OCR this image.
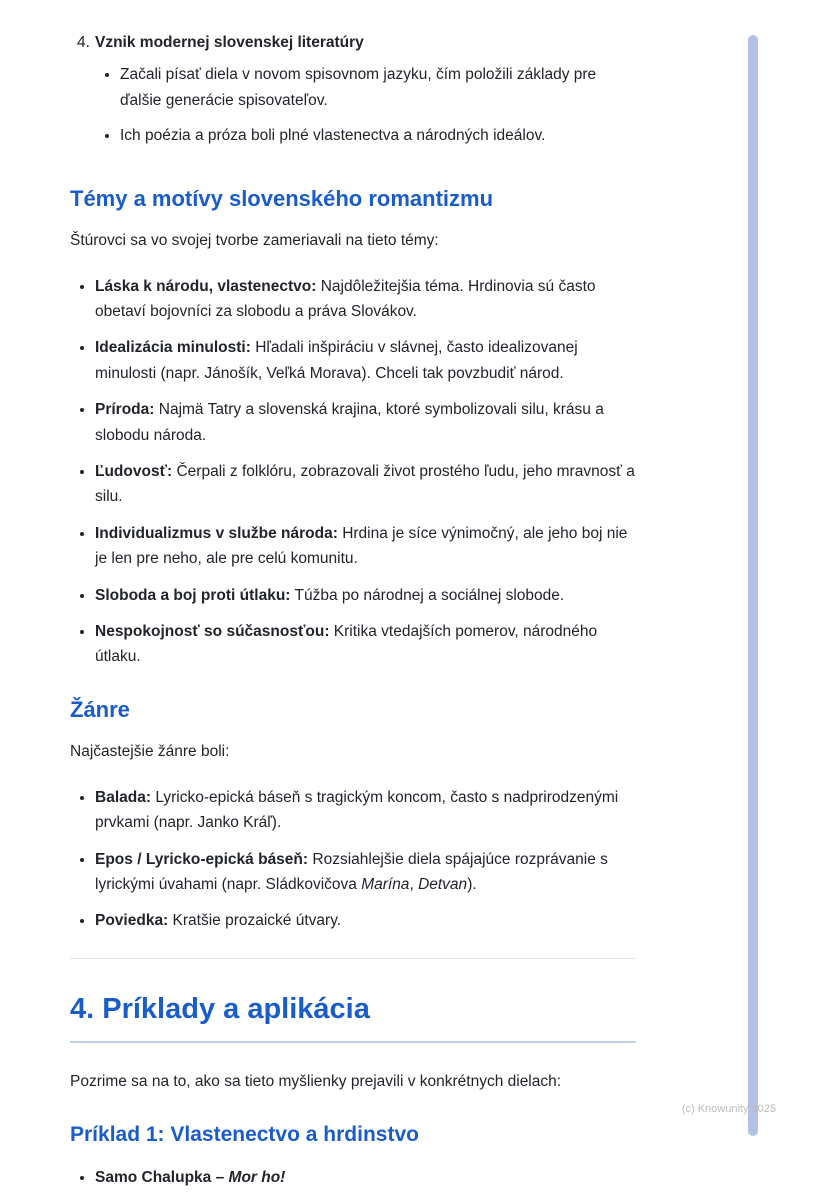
4. Vznik modernej slovenskej literatúry

• Začali písať diela v novom spisovnom jazyku, čím položili základy pre ďalšie generácie spisovateľov.
• Ich poézia a próza boli plné vlastenectva a národných ideálov.
Témy a motívy slovenského romantizmu

Štúrovci sa vo svojej tvorbe zameriavali na tieto témy:

• Láska k národu, vlastenectvo: Najdôležitejšia téma. Hrdinovia sú často obetaví bojovníci za slobodu a práva Slovákov.
• Idealizácia minulosti: Hľadali inšpiráciu v slávnej, často idealizovanej minulosti (napr. Jánošík, Veľká Morava). Chceli tak povzbudiť národ.
• Príroda: Najmä Tatry a slovenská krajina, ktoré symbolizovali silu, krásu a slobodu národa.
• Ľudovosť: Čerpali z folklóru, zobrazovali život prostého ľudu, jeho mravnosť a silu.
• Individualizmus v službe národa: Hrdina je síce výnimočný, ale jeho boj nie je len pre neho, ale pre celú komunitu.
• Sloboda a boj proti útlaku: Túžba po národnej a sociálnej slobode.
• Nespokojnosť so súčasnosťou: Kritika vtedajších pomerov, národného útlaku.
Žánre

Najčastejšie žánre boli:

• Balada: Lyricko-epická báseň s tragickým koncom, často s nadprirodzenými prvkami (napr. Janko Kráľ).
• Epos / Lyricko-epická báseň: Rozsiahlejšie diela spájajúce rozprávanie s lyrickými úvahami (napr. Sládkovičova Marína, Detvan).
• Poviedka: Kratšie prozaické útvary.
4. Príklady a aplikácia

Pozrime sa na to, ako sa tieto myšlienky prejavili v konkrétnych dielach:

Príklad 1: Vlastenectvo a hrdinstvo
• Samo Chalupka – Mor ho!
(c) Knowunity 2025
